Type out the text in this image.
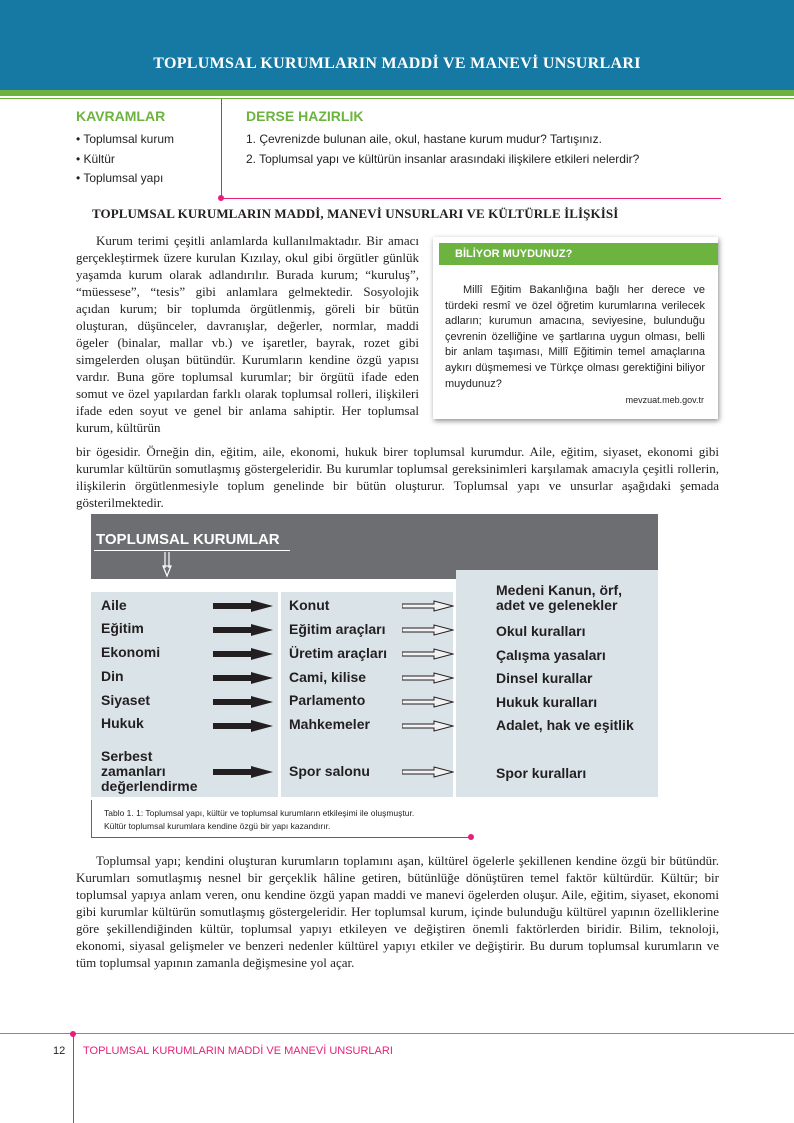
TOPLUMSAL KURUMLARIN MADDİ VE MANEVİ UNSURLARI
KAVRAMLAR
• Toplumsal kurum
• Kültür
• Toplumsal yapı
DERSE HAZIRLIK
1. Çevrenizde bulunan aile, okul, hastane kurum mudur? Tartışınız.
2. Toplumsal yapı ve kültürün insanlar arasındaki ilişkilere etkileri nelerdir?
TOPLUMSAL KURUMLARIN MADDİ, MANEVİ UNSURLARI VE KÜLTÜRLE İLİŞKİSİ
Kurum terimi çeşitli anlamlarda kullanılmaktadır. Bir amacı gerçekleştirmek üzere kurulan Kızılay, okul gibi örgütler günlük yaşamda kurum olarak adlandırılır. Burada kurum; “kuruluş”, “müessese”, “tesis” gibi anlamlara gelmektedir. Sosyolojik açıdan kurum; bir toplumda örgütlenmiş, göreli bir bütün oluşturan, düşünceler, davranışlar, değerler, normlar, maddi ögeler (binalar, mallar vb.) ve işaretler, bayrak, rozet gibi simgelerden oluşan bütündür. Kurumların kendine özgü yapısı vardır. Buna göre toplumsal kurumlar; bir örgütü ifade eden somut ve özel yapılardan farklı olarak toplumsal rolleri, ilişkileri ifade eden soyut ve genel bir anlama sahiptir. Her toplumsal kurum, kültürün
bir ögesidir. Örneğin din, eğitim, aile, ekonomi, hukuk birer toplumsal kurumdur. Aile, eğitim, siyaset, ekonomi gibi kurumlar kültürün somutlaşmış göstergeleridir. Bu kurumlar toplumsal gereksinimleri karşılamak amacıyla çeşitli rollerin, ilişkilerin örgütlenmesiyle toplum genelinde bir bütün oluşturur. Toplumsal yapı ve unsurlar aşağıdaki şemada gösterilmektedir.
BİLİYOR MUYDUNUZ?
Millî Eğitim Bakanlığına bağlı her derece ve türdeki resmî ve özel öğretim kurumlarına verilecek adların; kurumun amacına, seviyesine, bulunduğu çevrenin özelliğine ve şartlarına uygun olması, belli bir anlam taşıması, Millî Eğitimin temel amaçlarına aykırı düşmemesi ve Türkçe olması gerektiğini biliyor muydunuz?
mevzuat.meb.gov.tr
TOPLUMSAL KURUMLAR
Aile
Eğitim
Ekonomi
Din
Siyaset
Hukuk
Serbest zamanları değerlendirme
Konut
Eğitim araçları
Üretim araçları
Cami, kilise
Parlamento
Mahkemeler
Spor salonu
Medeni Kanun, örf, adet ve gelenekler
Okul kuralları
Çalışma yasaları
Dinsel kurallar
Hukuk kuralları
Adalet, hak ve eşitlik
Spor kuralları
Tablo 1. 1: Toplumsal yapı, kültür ve toplumsal kurumların etkileşimi ile oluşmuştur.
Kültür toplumsal kurumlara kendine özgü bir yapı kazandırır.
Toplumsal yapı; kendini oluşturan kurumların toplamını aşan, kültürel ögelerle şekillenen kendine özgü bir bütündür. Kurumları somutlaşmış nesnel bir gerçeklik hâline getiren, bütünlüğe dönüştüren temel faktör kültürdür. Kültür; bir toplumsal yapıya anlam veren, onu kendine özgü yapan maddi ve manevi ögelerden oluşur. Aile, eğitim, siyaset, ekonomi gibi kurumlar kültürün somutlaşmış göstergeleridir. Her toplumsal kurum, içinde bulunduğu kültürel yapının özelliklerine göre şekillendiğinden kültür, toplumsal yapıyı etkileyen ve değiştiren önemli faktörlerden biridir. Bilim, teknoloji, ekonomi, siyasal gelişmeler ve benzeri nedenler kültürel yapıyı etkiler ve değiştirir. Bu durum toplumsal kurumların ve tüm toplumsal yapının zamanla değişmesine yol açar.
12 TOPLUMSAL KURUMLARIN MADDİ VE MANEVİ UNSURLARI
